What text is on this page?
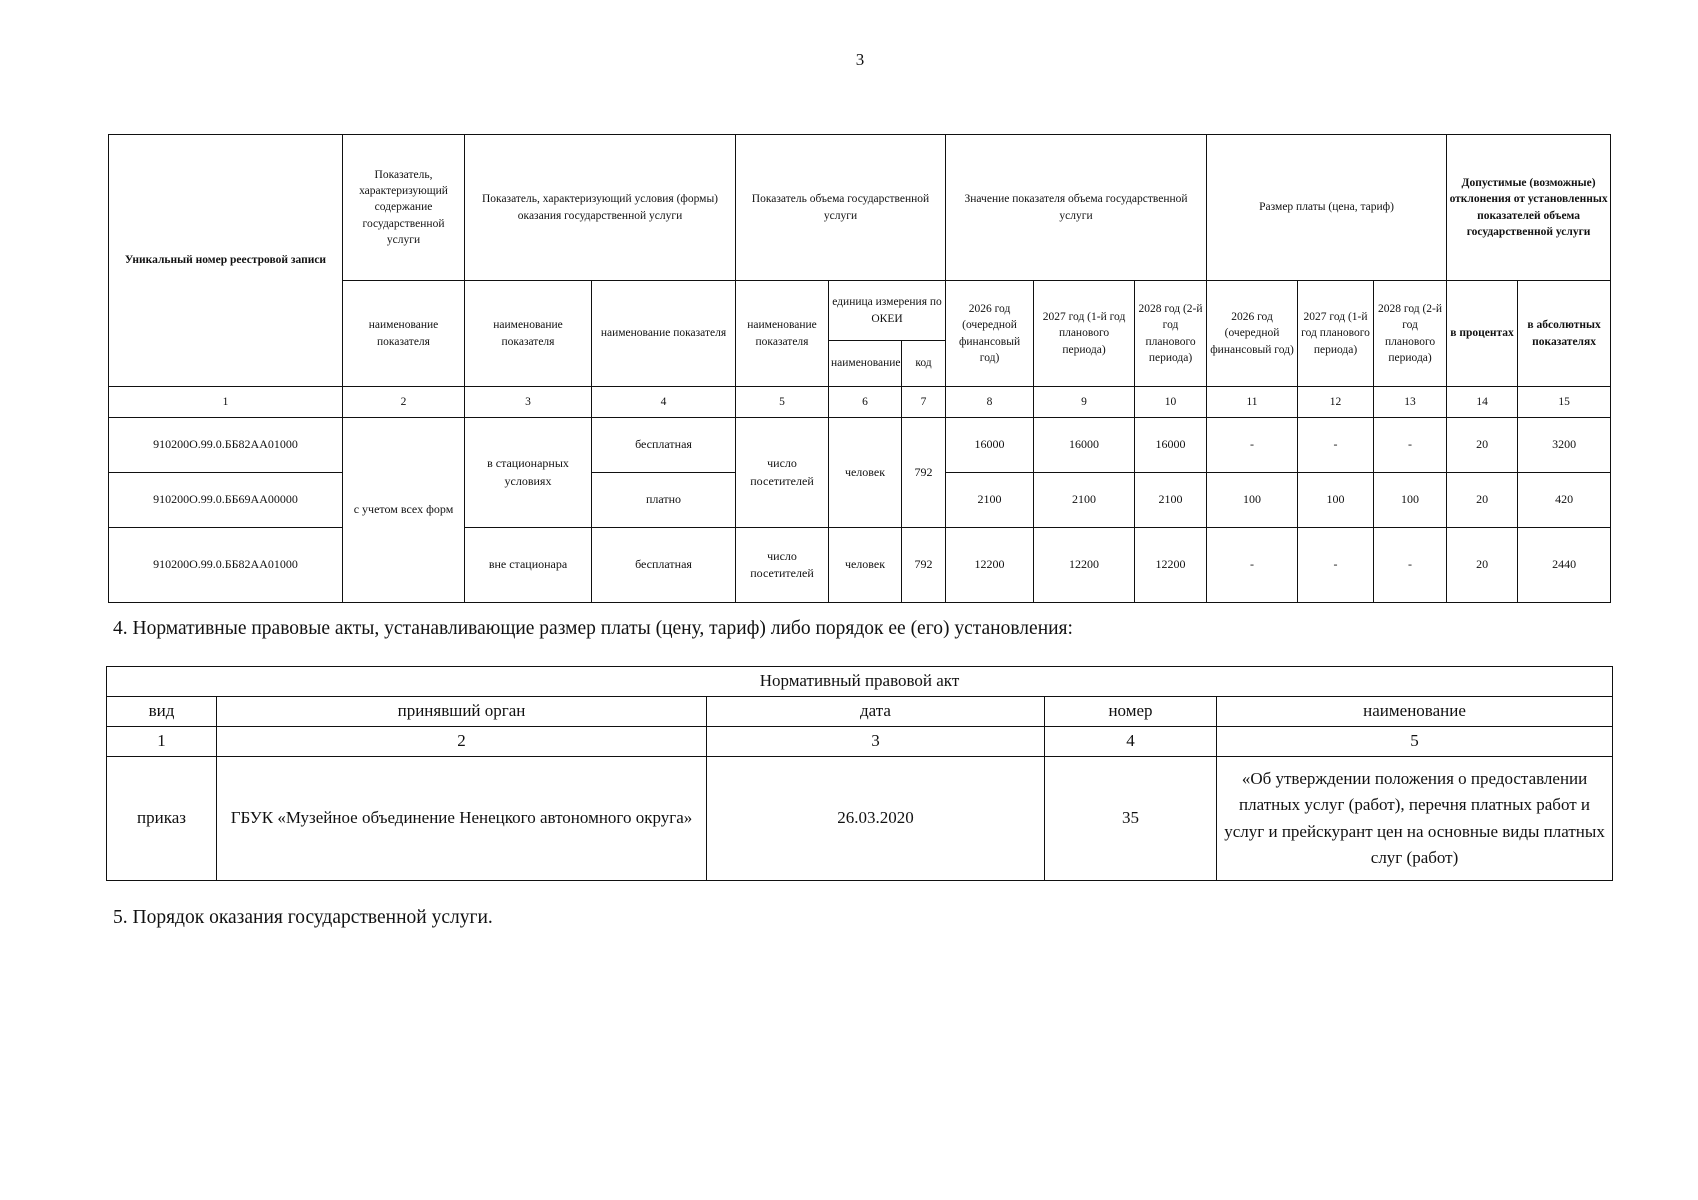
3
Уникальный номер реестровой записи	Показатель, характеризующий содержание государственной услуги	Показатель, характеризующий условия (формы) оказания государственной услуги		Показатель объема государственной услуги			Значение показателя объема государственной услуги			Размер платы (цена, тариф)			Допустимые (возможные) отклонения от установленных показателей объема государственной услуги	
	наименование показателя	наименование показателя	наименование показателя	наименование показателя	единица измерения по ОКЕИ		2026 год (очередной финансовый год)	2027 год (1-й год планового периода)	2028 год (2-й год планового периода)	2026 год (очередной финансовый год)	2027 год (1-й год планового периода)	2028 год (2-й год планового периода)	в процентах	в абсолютных показателях
					наименование	код								
1	2	3	4	5	6	7	8	9	10	11	12	13	14	15
910200О.99.0.ББ82АА01000	с учетом всех форм	в стационарных условиях	бесплатная	число посетителей	человек	792	16000	16000	16000	-	-	-	20	3200
910200О.99.0.ББ69АА00000			платно				2100	2100	2100	100	100	100	20	420
910200О.99.0.ББ82АА01000		вне стационара	бесплатная	число посетителей	человек	792	12200	12200	12200	-	-	-	20	2440
4. Нормативные правовые акты, устанавливающие размер платы (цену, тариф) либо порядок ее (его) установления:
Нормативный правовой акт				
вид	принявший орган	дата	номер	наименование
1	2	3	4	5
приказ	ГБУК «Музейное объединение Ненецкого автономного округа»	26.03.2020	35	«Об утверждении положения о предоставлении платных услуг (работ), перечня платных работ и услуг и прейскурант цен на основные виды платных слуг (работ)
5. Порядок оказания государственной услуги.
